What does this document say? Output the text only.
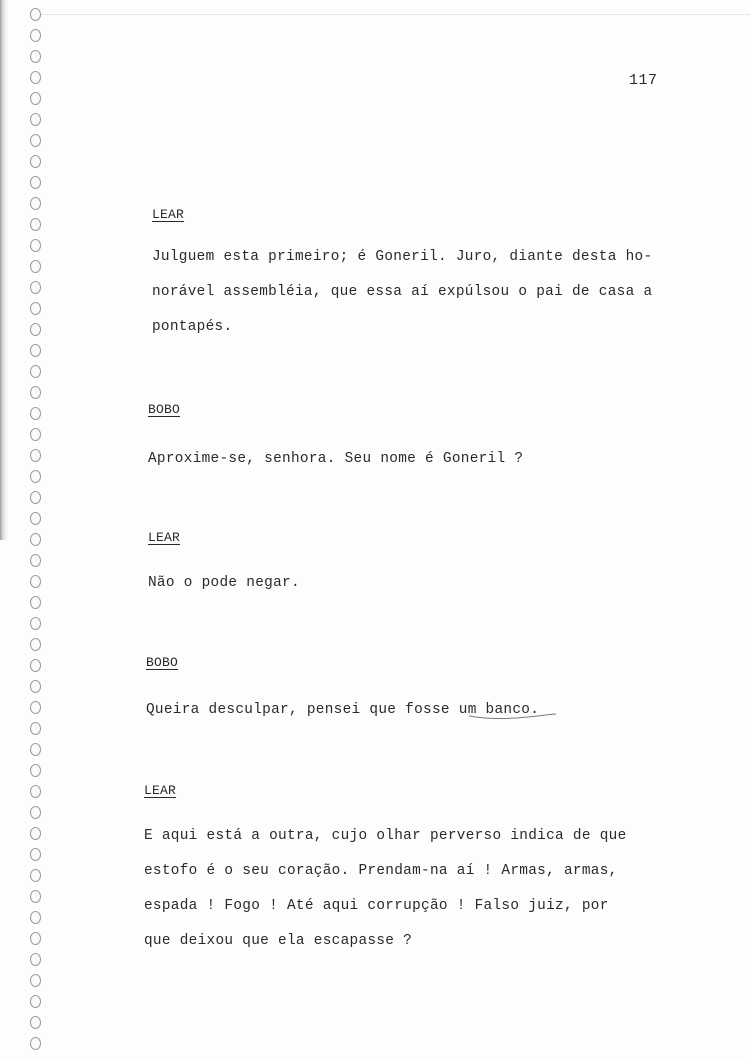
117
LEAR
Julguem esta primeiro; é Goneril. Juro, diante desta ho-
norável assembléia, que essa aí expúlsou o pai de casa a
pontapés.
BOBO
Aproxime-se, senhora. Seu nome é Goneril ?
LEAR
Não o pode negar.
BOBO
Queira desculpar, pensei que fosse um banco.
LEAR
E aqui está a outra, cujo olhar perverso indica de que
estofo é o seu coração. Prendam-na aí ! Armas, armas,
espada ! Fogo ! Até aqui corrupção ! Falso juiz, por
que deixou que ela escapasse ?
